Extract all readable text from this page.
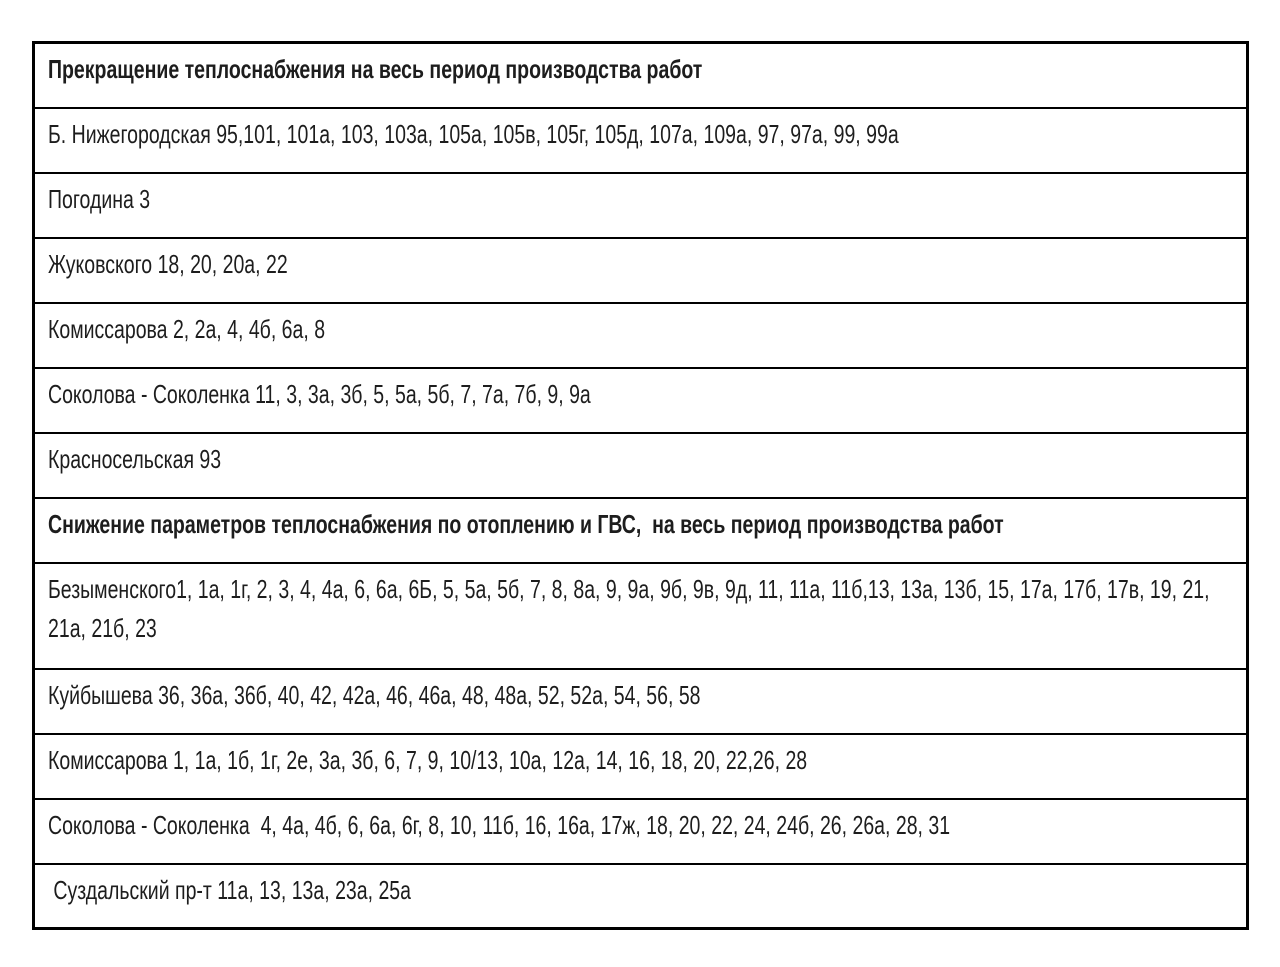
Прекращение теплоснабжения на весь период производства работ
Б. Нижегородская 95,101, 101а, 103, 103а, 105а, 105в, 105г, 105д, 107а, 109а, 97, 97а, 99, 99а
Погодина 3
Жуковского 18, 20, 20а, 22
Комиссарова 2, 2а, 4, 4б, 6а, 8
Соколова - Соколенка 11, 3, 3а, 3б, 5, 5а, 5б, 7, 7а, 7б, 9, 9а
Красносельская 93
Снижение параметров теплоснабжения по отоплению и ГВС,  на весь период производства работ
Безыменского1, 1а, 1г, 2, 3, 4, 4а, 6, 6а, 6Б, 5, 5а, 5б, 7, 8, 8а, 9, 9а, 9б, 9в, 9д, 11, 11а, 11б,13, 13а, 13б, 15, 17а, 17б, 17в, 19, 21, 21а, 21б, 23
Куйбышева 36, 36а, 36б, 40, 42, 42а, 46, 46а, 48, 48а, 52, 52а, 54, 56, 58
Комиссарова 1, 1а, 1б, 1г, 2е, 3а, 3б, 6, 7, 9, 10/13, 10а, 12а, 14, 16, 18, 20, 22,26, 28
Соколова - Соколенка  4, 4а, 4б, 6, 6а, 6г, 8, 10, 11б, 16, 16а, 17ж, 18, 20, 22, 24, 24б, 26, 26а, 28, 31
Суздальский пр-т 11а, 13, 13а, 23а, 25а
